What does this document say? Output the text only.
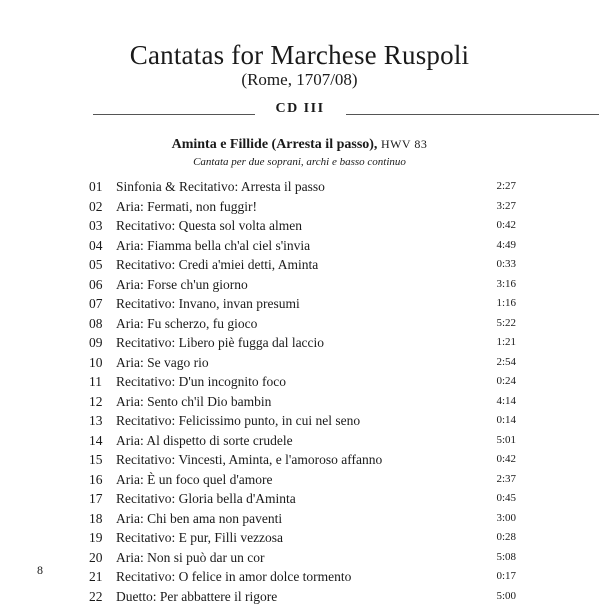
Cantatas for Marchese Ruspoli
(Rome, 1707/08)
CD III
Aminta e Fillide (Arresta il passo), HWV 83
Cantata per due soprani, archi e basso continuo
01	Sinfonia & Recitativo: Arresta il passo	2:27
02	Aria: Fermati, non fuggir!	3:27
03	Recitativo: Questa sol volta almen	0:42
04	Aria: Fiamma bella ch'al ciel s'invia	4:49
05	Recitativo: Credi a'miei detti, Aminta	0:33
06	Aria: Forse ch'un giorno	3:16
07	Recitativo: Invano, invan presumi	1:16
08	Aria: Fu scherzo, fu gioco	5:22
09	Recitativo: Libero piè fugga dal laccio	1:21
10	Aria: Se vago rio	2:54
11	Recitativo: D'un incognito foco	0:24
12	Aria: Sento ch'il Dio bambin	4:14
13	Recitativo: Felicissimo punto, in cui nel seno	0:14
14	Aria: Al dispetto di sorte crudele	5:01
15	Recitativo: Vincesti, Aminta, e l'amoroso affanno	0:42
16	Aria: È un foco quel d'amore	2:37
17	Recitativo: Gloria bella d'Aminta	0:45
18	Aria: Chi ben ama non paventi	3:00
19	Recitativo: E pur, Filli vezzosa	0:28
20	Aria: Non si può dar un cor	5:08
21	Recitativo: O felice in amor dolce tormento	0:17
22	Duetto: Per abbattere il rigore	5:00
8
